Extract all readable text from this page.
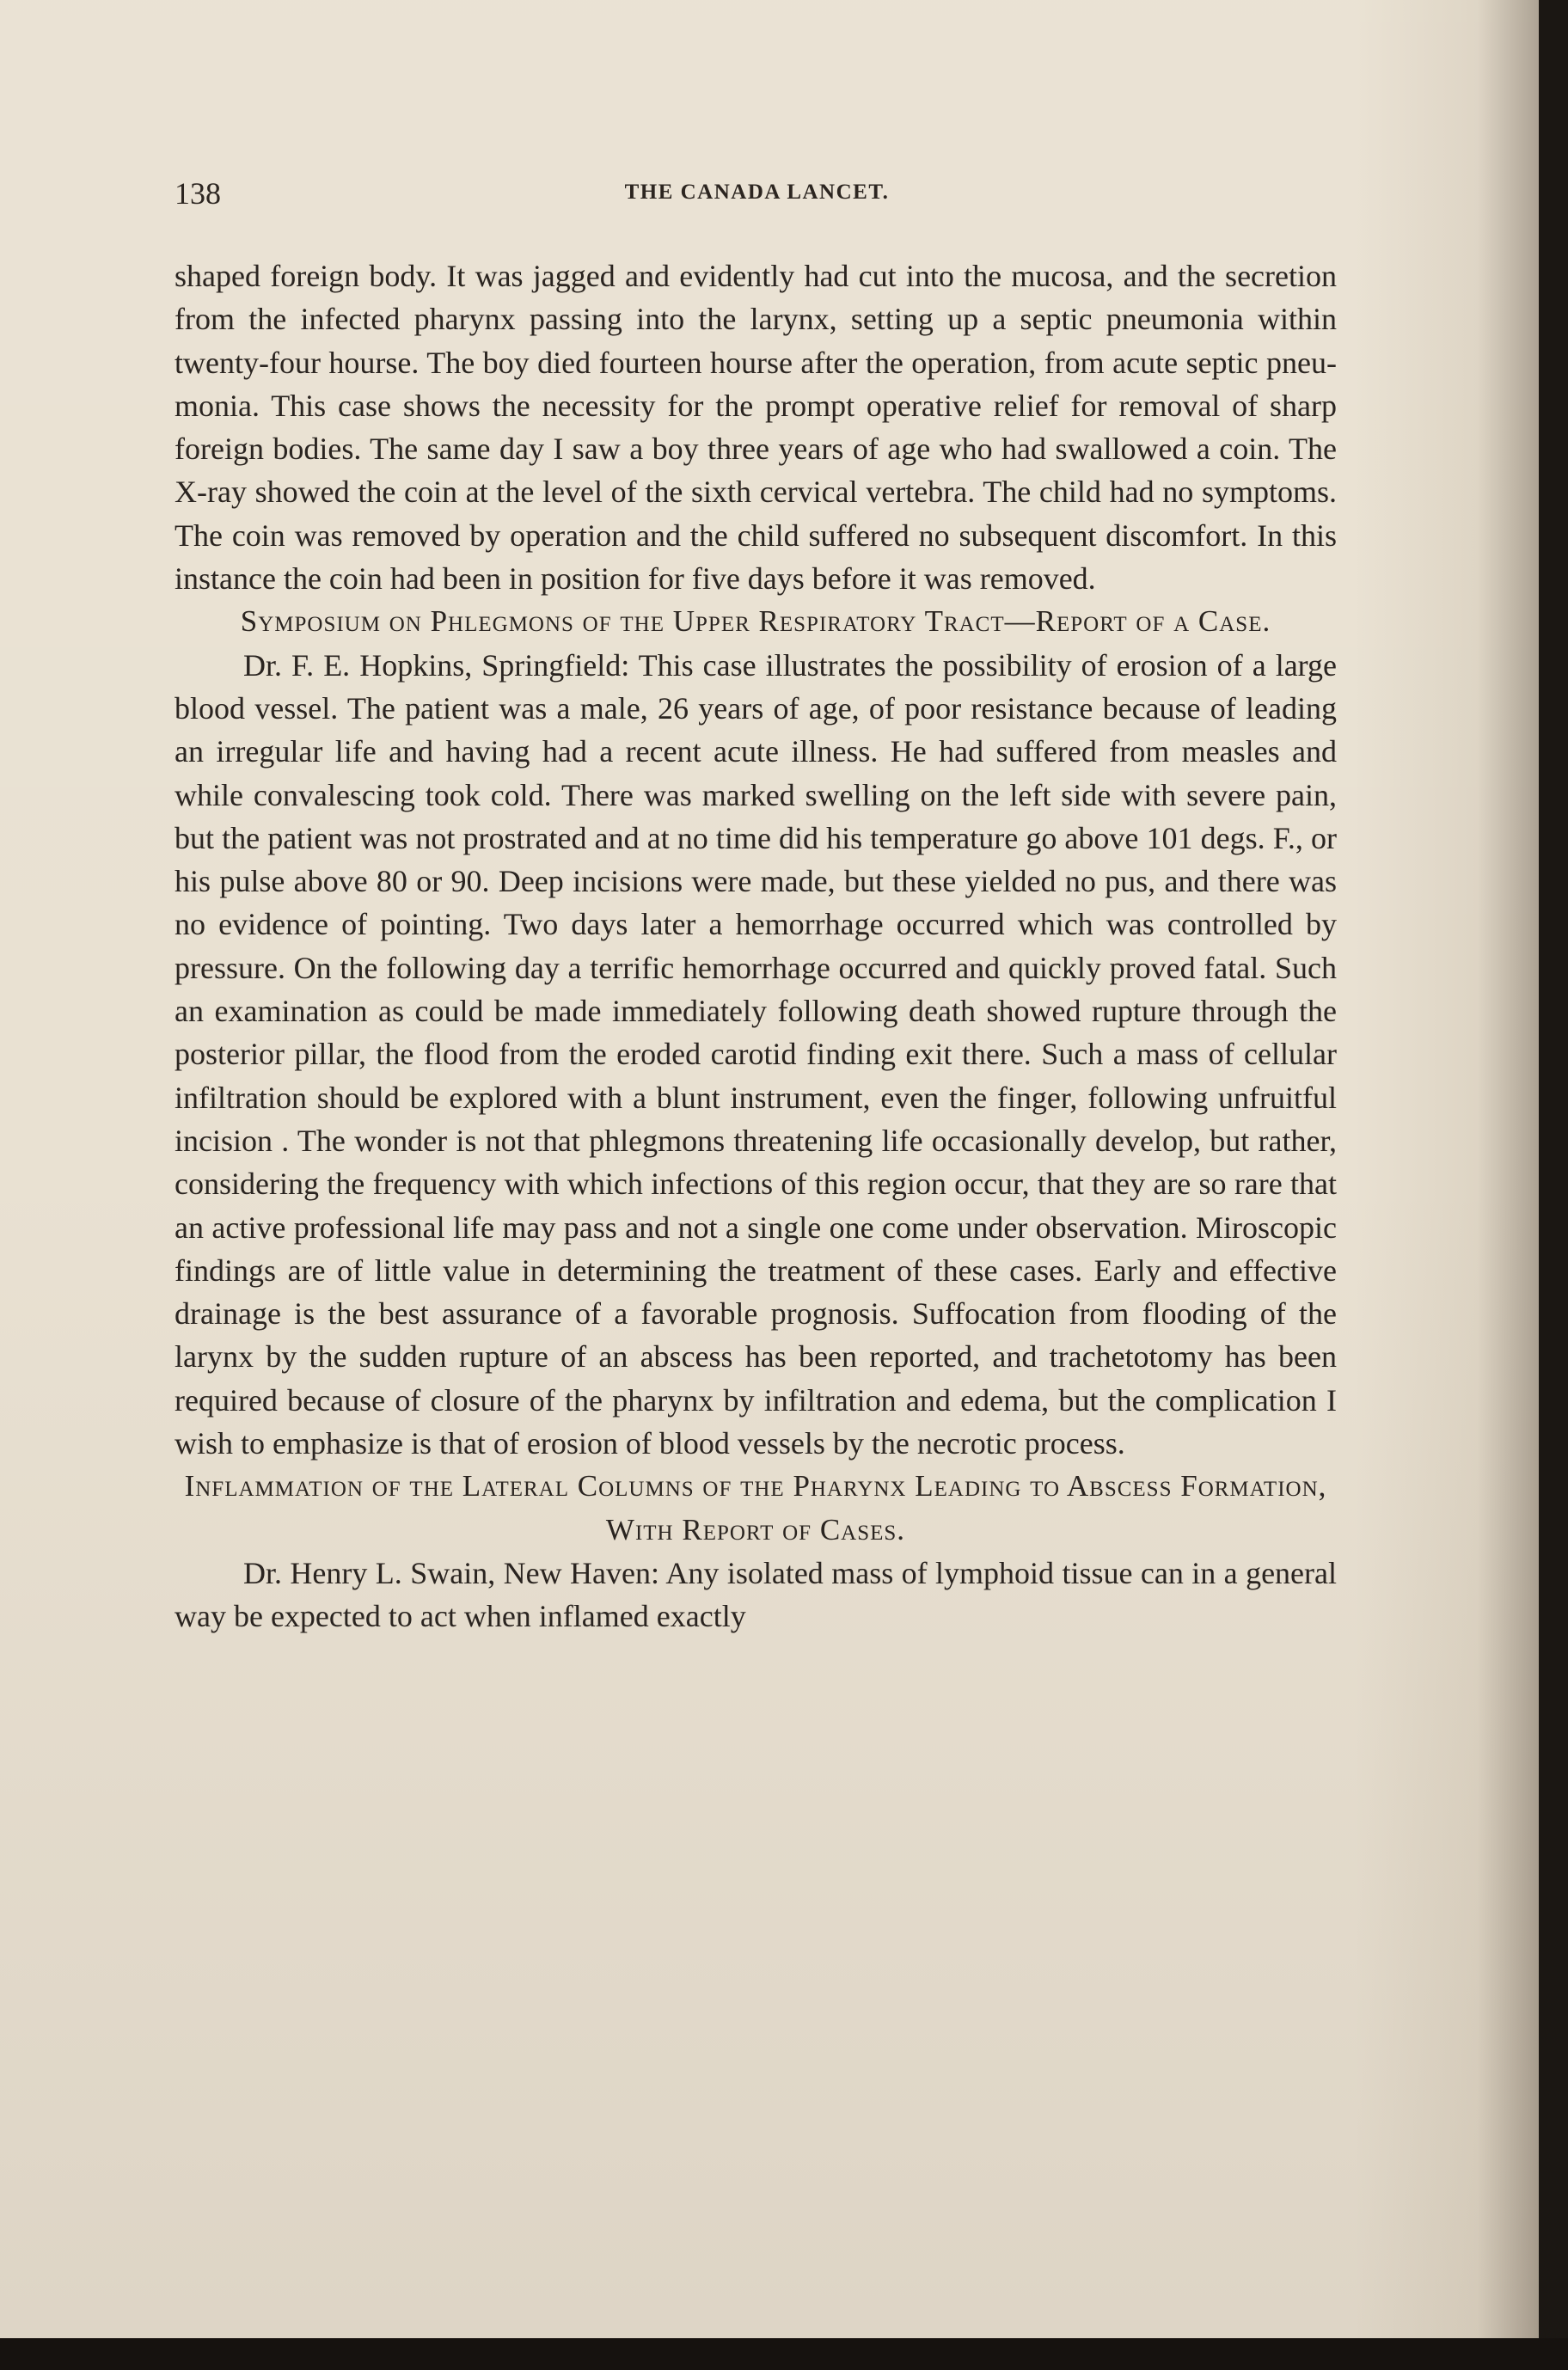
138	THE CANADA LANCET.

shaped foreign body. It was jagged and evidently had cut into the mucosa, and the secretion from the infected pharynx passing into the larynx, setting up a septic pneumonia within twenty-four hourse. The boy died fourteen hourse after the operation, from acute septic pneumonia. This case shows the necessity for the prompt operative relief for removal of sharp foreign bodies. The same day I saw a boy three years of age who had swallowed a coin. The X-ray showed the coin at the level of the sixth cervical vertebra. The child had no symptoms. The coin was removed by operation and the child suffered no subsequent discomfort. In this instance the coin had been in position for five days before it was removed.

Symposium on Phlegmons of the Upper Respiratory Tract—Report of a Case.

Dr. F. E. Hopkins, Springfield: This case illustrates the possibility of erosion of a large blood vessel. The patient was a male, 26 years of age, of poor resistance because of leading an irregular life and having had a recent acute illness. He had suffered from measles and while convalescing took cold. There was marked swelling on the left side with severe pain, but the patient was not prostrated and at no time did his temperature go above 101 degs. F., or his pulse above 80 or 90. Deep incisions were made, but these yielded no pus, and there was no evidence of pointing. Two days later a hemorrhage occurred which was controlled by pressure. On the following day a terrific hemorrhage occurred and quickly proved fatal. Such an examination as could be made immediately following death showed rupture through the posterior pillar, the flood from the eroded carotid finding exit there. Such a mass of cellular infiltration should be explored with a blunt instrument, even the finger, following unfruitful incision . The wonder is not that phlegmons threatening life occasionally develop, but rather, considering the frequency with which infections of this region occur, that they are so rare that an active professional life may pass and not a single one come under observation. Miroscopic findings are of little value in determining the treatment of these cases. Early and effective drainage is the best assurance of a favorable prognosis. Suffocation from flooding of the larynx by the sudden rupture of an abscess has been reported, and trachetotomy has been required because of closure of the pharynx by infiltration and edema, but the complication I wish to emphasize is that of erosion of blood vessels by the necrotic process.

Inflammation of the Lateral Columns of the Pharynx Leading to Abscess Formation, With Report of Cases.

Dr. Henry L. Swain, New Haven: Any isolated mass of lymphoid tissue can in a general way be expected to act when inflamed exactly
